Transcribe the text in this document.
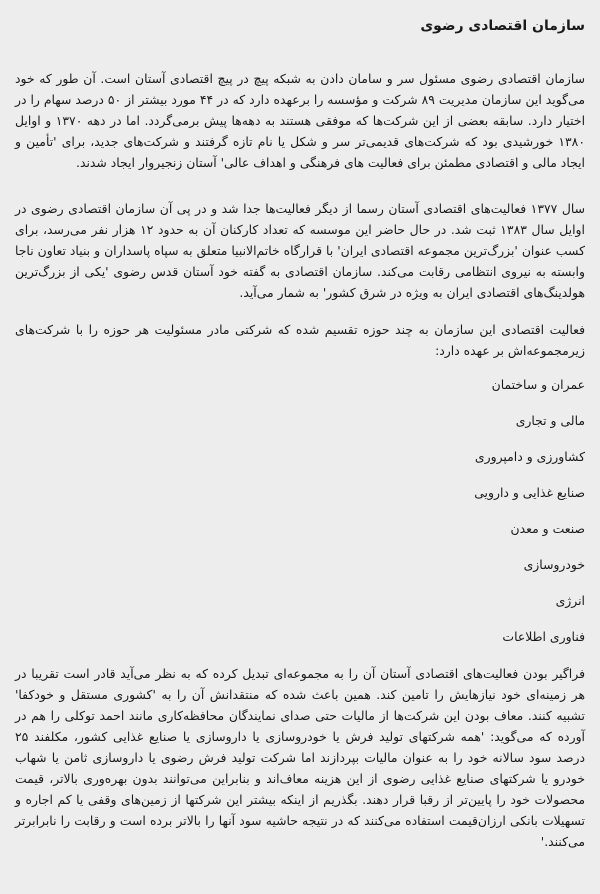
سازمان اقتصادی رضوی

سازمان اقتصادی رضوی مسئول سر و سامان دادن به شبکه پیچ در پیچ اقتصادی آستان است. آن طور که خود می‌گوید این سازمان مدیریت ۸۹ شرکت و مؤسسه را برعهده دارد که در ۴۴ مورد بیشتر از ۵۰ درصد سهام را در اختیار دارد. سابقه بعضی از این شرکت‌ها که موفقی هستند به دهه‌ها پیش برمی‌گردد. اما در دهه ۱۳۷۰ و اوایل ۱۳۸۰ خورشیدی بود که شرکت‌های قدیمی‌تر سر و شکل یا نام تازه گرفتند و شرکت‌های جدید، برای 'تأمین و ایجاد مالی و اقتصادی مطمئن برای فعالیت های فرهنگی و اهداف عالی' آستان زنجیروار ایجاد شدند.

سال ۱۳۷۷ فعالیت‌های اقتصادی آستان رسما از دیگر فعالیت‌ها جدا شد و در پی آن سازمان اقتصادی رضوی در اوایل سال ۱۳۸۳ ثبت شد. در حال حاضر این موسسه که تعداد کارکنان آن به حدود ۱۲ هزار نفر می‌رسد، برای کسب عنوان 'بزرگ‌ترین مجموعه اقتصادی ایران' با قرارگاه خاتم‌الانبیا متعلق به سپاه پاسداران و بنیاد تعاون ناجا وابسته به نیروی انتظامی رقابت می‌کند. سازمان اقتصادی به گفته خود آستان قدس رضوی 'یکی از بزرگ‌ترین هولدینگ‌های اقتصادی ایران به ویژه در شرق کشور' به شمار می‌آید.

فعالیت اقتصادی این سازمان به چند حوزه تقسیم شده که شرکتی مادر مسئولیت هر حوزه را با شرکت‌های زیرمجموعه‌اش بر عهده دارد:

عمران و ساختمان
مالی و تجاری
کشاورزی و دامپروری
صنایع غذایی و دارویی
صنعت و معدن
خودروسازی
انرژی
فناوری اطلاعات

فراگیر بودن فعالیت‌های اقتصادی آستان آن را به مجموعه‌ای تبدیل کرده که به نظر می‌آید قادر است تقریبا در هر زمینه‌ای خود نیازهایش را تامین کند. همین باعث شده که منتقدانش آن را به 'کشوری مستقل و خودکفا' تشبیه کنند. معاف بودن این شرکت‌ها از مالیات حتی صدای نمایندگان محافظه‌کاری مانند احمد توکلی را هم در آورده که می‌گوید: 'همه شرکتهای تولید فرش یا خودروسازی یا داروسازی یا صنایع غذایی کشور، مکلفند ۲۵ درصد سود سالانه خود را به عنوان مالیات بپردازند اما شرکت تولید فرش رضوی یا داروسازی ثامن یا شهاب خودرو یا شرکتهای صنایع غذایی رضوی از این هزینه معاف‌اند و بنابراین می‌توانند بدون بهره‌وری بالاتر، قیمت محصولات خود را پایین‌تر از رقبا قرار دهند. بگذریم از اینکه بیشتر این شرکتها از زمین‌های وقفی یا کم اجاره و تسهیلات بانکی ارزان‌قیمت استفاده می‌کنند که در نتیجه حاشیه سود آنها را بالاتر برده است و رقابت را نابرابرتر می‌کنند.'
